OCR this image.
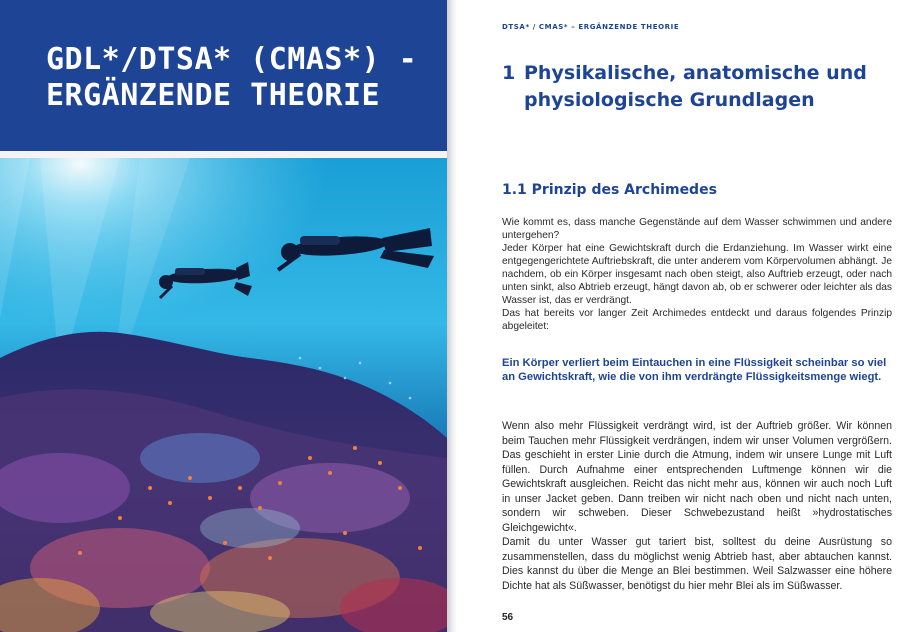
GDL*/DTSA* (CMAS*) - ERGÄNZENDE THEORIE

DTSA* / CMAS* – ERGÄNZENDE THEORIE

1 Physikalische, anatomische und physiologische Grundlagen
1.1 Prinzip des Archimedes

Wie kommt es, dass manche Gegenstände auf dem Wasser schwimmen und andere untergehen?

Jeder Körper hat eine Gewichtskraft durch die Erdanziehung. Im Wasser wirkt eine entgegengerichtete Auftriebskraft, die unter anderem vom Körpervolumen abhängt. Je nachdem, ob ein Körper insgesamt nach oben steigt, also Auftrieb erzeugt, oder nach unten sinkt, also Abtrieb erzeugt, hängt davon ab, ob er schwerer oder leichter als das Wasser ist, das er verdrängt.

Das hat bereits vor langer Zeit Archimedes entdeckt und daraus folgendes Prinzip abgeleitet:

Ein Körper verliert beim Eintauchen in eine Flüssigkeit scheinbar so viel an Gewichtskraft, wie die von ihm verdrängte Flüssigkeitsmenge wiegt.

Wenn also mehr Flüssigkeit verdrängt wird, ist der Auftrieb größer. Wir können beim Tauchen mehr Flüssigkeit verdrängen, indem wir unser Volumen vergrößern. Das geschieht in erster Linie durch die Atmung, indem wir unsere Lunge mit Luft füllen. Durch Aufnahme einer entsprechenden Luftmenge können wir die Gewichtskraft ausgleichen. Reicht das nicht mehr aus, können wir auch noch Luft in unser Jacket geben. Dann treiben wir nicht nach oben und nicht nach unten, sondern wir schweben. Dieser Schwebezustand heißt »hydrostatisches Gleichgewicht«.

Damit du unter Wasser gut tariert bist, solltest du deine Ausrüstung so zusammenstellen, dass du möglichst wenig Abtrieb hast, aber abtauchen kannst. Dies kannst du über die Menge an Blei bestimmen. Weil Salzwasser eine höhere Dichte hat als Süßwasser, benötigst du hier mehr Blei als im Süßwasser.

56
